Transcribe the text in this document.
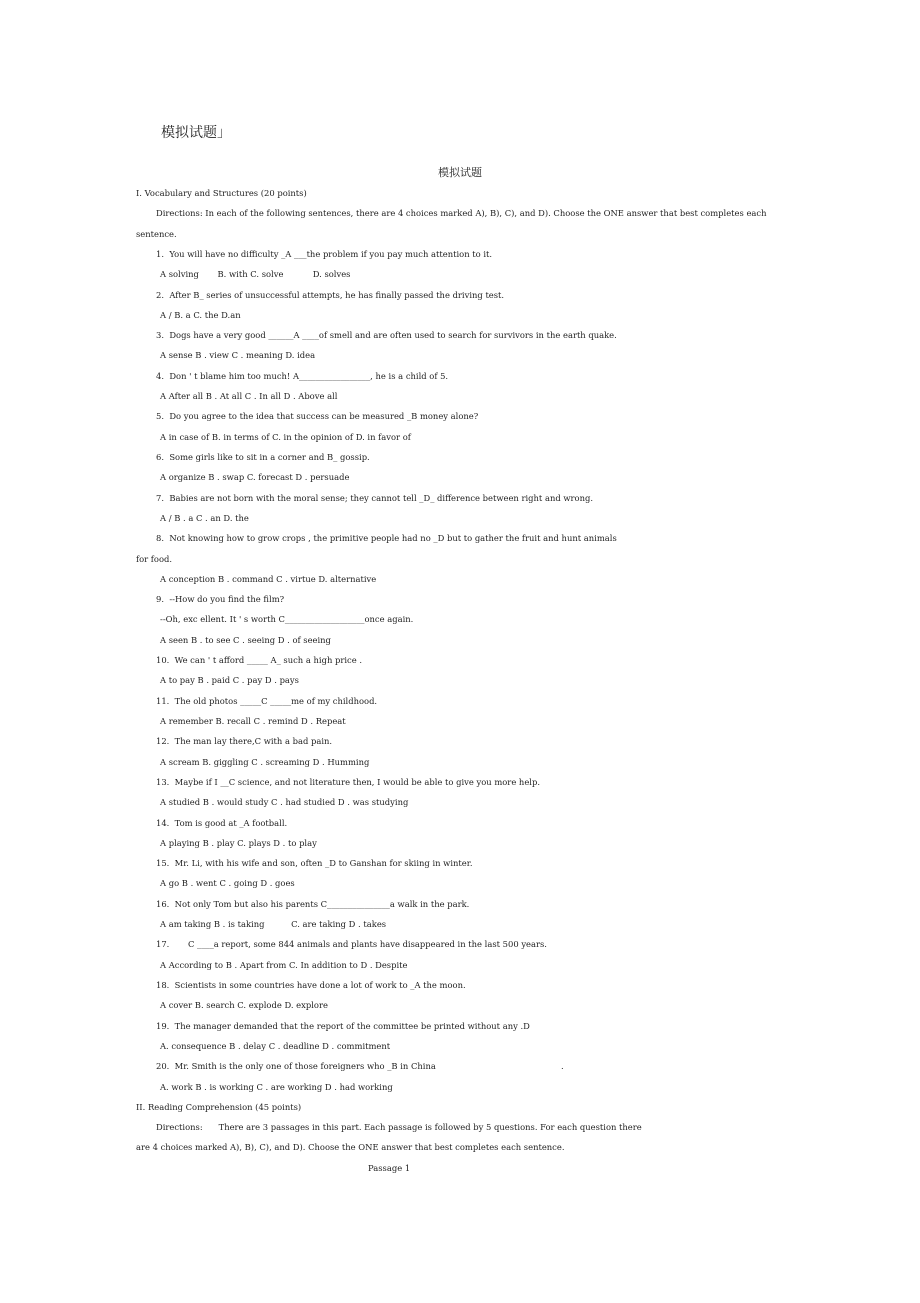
模拟试题」
模拟试题
I. Vocabulary and Structures (20 points)
Directions: In each of the following sentences, there are 4 choices marked A), B), C), and D). Choose the ONE answer that best completes each
sentence.
1.  You will have no difficulty _A ___the problem if you pay much attention to it.
A solving       B. with C. solve           D. solves
2.  After B_ series of unsuccessful attempts, he has finally passed the driving test.
A / B. a C. the D.an
3.  Dogs have a very good ______A ____of smell and are often used to search for survivors in the earth quake.
A sense B . view C . meaning D. idea
4.  Don ' t blame him too much! A_________________, he is a child of 5.
A After all B . At all C . In all D . Above all
5.  Do you agree to the idea that success can be measured _B money alone?
A in case of B. in terms of C. in the opinion of D. in favor of
6.  Some girls like to sit in a corner and B_ gossip.
A organize B . swap C. forecast D . persuade
7.  Babies are not born with the moral sense; they cannot tell _D_ difference between right and wrong.
A / B . a C . an D. the
8.  Not knowing how to grow crops , the primitive people had no _D but to gather the fruit and hunt animals
for food.
A conception B . command C . virtue D. alternative
9.  --How do you find the film?
--Oh, exc ellent. It ' s worth C___________________once again.
A seen B . to see C . seeing D . of seeing
10.  We can ' t afford _____ A_ such a high price .
A to pay B . paid C . pay D . pays
11.  The old photos _____C _____me of my childhood.
A remember B. recall C . remind D . Repeat
12.  The man lay there,C with a bad pain.
A scream B. giggling C . screaming D . Humming
13.  Maybe if I __C science, and not literature then, I would be able to give you more help.
A studied B . would study C . had studied D . was studying
14.  Tom is good at _A football.
A playing B . play C. plays D . to play
15.  Mr. Li, with his wife and son, often _D to Ganshan for skiing in winter.
A go B . went C . going D . goes
16.  Not only Tom but also his parents C_______________a walk in the park.
A am taking B . is taking          C. are taking D . takes
17.       C ____a report, some 844 animals and plants have disappeared in the last 500 years.
A According to B . Apart from C. In addition to D . Despite
18.  Scientists in some countries have done a lot of work to _A the moon.
A cover B. search C. explode D. explore
19.  The manager demanded that the report of the committee be printed without any .D
A. consequence B . delay C . deadline D . commitment
20.  Mr. Smith is the only one of those foreigners who _B in China	.
A. work B . is working C . are working D . had working
II. Reading Comprehension (45 points)
Directions:      There are 3 passages in this part. Each passage is followed by 5 questions. For each question there
are 4 choices marked A), B), C), and D). Choose the ONE answer that best completes each sentence.
Passage 1
